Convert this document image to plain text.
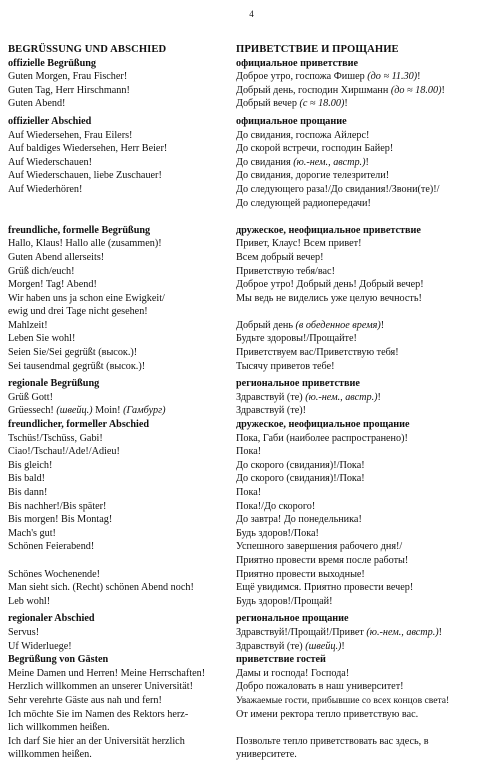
4
BEGRÜSSUNG UND ABSCHIED
offizielle Begrüßung
Guten Morgen, Frau Fischer!
Guten Tag, Herr Hirschmann!
Guten Abend!
offizieller Abschied
Auf Wiedersehen, Frau Eilers!
Auf baldiges Wiedersehen, Herr Beier!
Auf Wiederschauen!
Auf Wiederschauen, liebe Zuschauer!
Auf Wiederhören!
freundliche, formelle Begrüßung
Hallo, Klaus! Hallo alle (zusammen)!
Guten Abend allerseits!
Grüß dich/euch!
Morgen! Tag! Abend!
Wir haben uns ja schon eine Ewigkeit/
ewig und drei Tage nicht gesehen!
Mahlzeit!
Leben Sie wohl!
Seien Sie/Sei gegrüßt (высок.)!
Sei tausendmal gegrüßt (высок.)!
regionale Begrüßung
Grüß Gott!
Grüessech! (швейц.) Moin! (Гамбург)
freundlicher, formeller Abschied
Tschüs!/Tschüss, Gabi!
Ciao!/Tschau!/Ade!/Adieu!
Bis gleich!
Bis bald!
Bis dann!
Bis nachher!/Bis später!
Bis morgen! Bis Montag!
Mach's gut!
Schönen Feierabend!
Schönes Wochenende!
Man sieht sich. (Recht) schönen Abend noch!
Leb wohl!
regionaler Abschied
Servus!
Uf Widerluege!
Begrüßung von Gästen
Meine Damen und Herren! Meine Herrschaften!
Herzlich willkommen an unserer Universität!
Sehr verehrte Gäste aus nah und fern!
Ich möchte Sie im Namen des Rektors herz-
lich willkommen heißen.
Ich darf Sie hier an der Universität herzlich
willkommen heißen.
ПРИВЕТСТВИЕ И ПРОЩАНИЕ
официальное приветствие
Доброе утро, госпожа Фишер (до ≈ 11.30)!
Добрый день, господин Хиршманн (до ≈ 18.00)!
Добрый вечер (с ≈ 18.00)!
официальное прощание
До свидания, госпожа Айлерс!
До скорой встречи, господин Байер!
До свидания (ю.-нем., австр.)!
До свидания, дорогие телезрители!
До следующего раза!/До свидания!/Звони(те)!/
До следующей радиопередачи!
дружеское, неофициальное приветствие
Привет, Клаус! Всем привет!
Всем добрый вечер!
Приветствую тебя/вас!
Доброе утро! Добрый день! Добрый вечер!
Мы ведь не виделись уже целую вечность!
Добрый день (в обеденное время)!
Будьте здоровы!/Прощайте!
Приветствуем вас/Приветствую тебя!
Тысячу приветов тебе!
региональное приветствие
Здравствуй (те) (ю.-нем., австр.)!
Здравствуй (те)!
дружеское, неофициальное прощание
Пока, Габи (наиболее распространено)!
Пока!
До скорого (свидания)!/Пока!
До скорого (свидания)!/Пока!
Пока!
Пока!/До скорого!
До завтра! До понедельника!
Будь здоров!/Пока!
Успешного завершения рабочего дня!/
Приятно провести время после работы!
Приятно провести выходные!
Ещё увидимся. Приятно провести вечер!
Будь здоров!/Прощай!
региональное прощание
Здравствуй!/Прощай!/Привет (ю.-нем., австр.)!
Здравствуй (те) (швейц.)!
приветствие гостей
Дамы и господа! Господа!
Добро пожаловать в наш университет!
Уважаемые гости, прибывшие со всех концов света!
От имени ректора тепло приветствую вас.
Позвольте тепло приветствовать вас здесь, в
университете.
